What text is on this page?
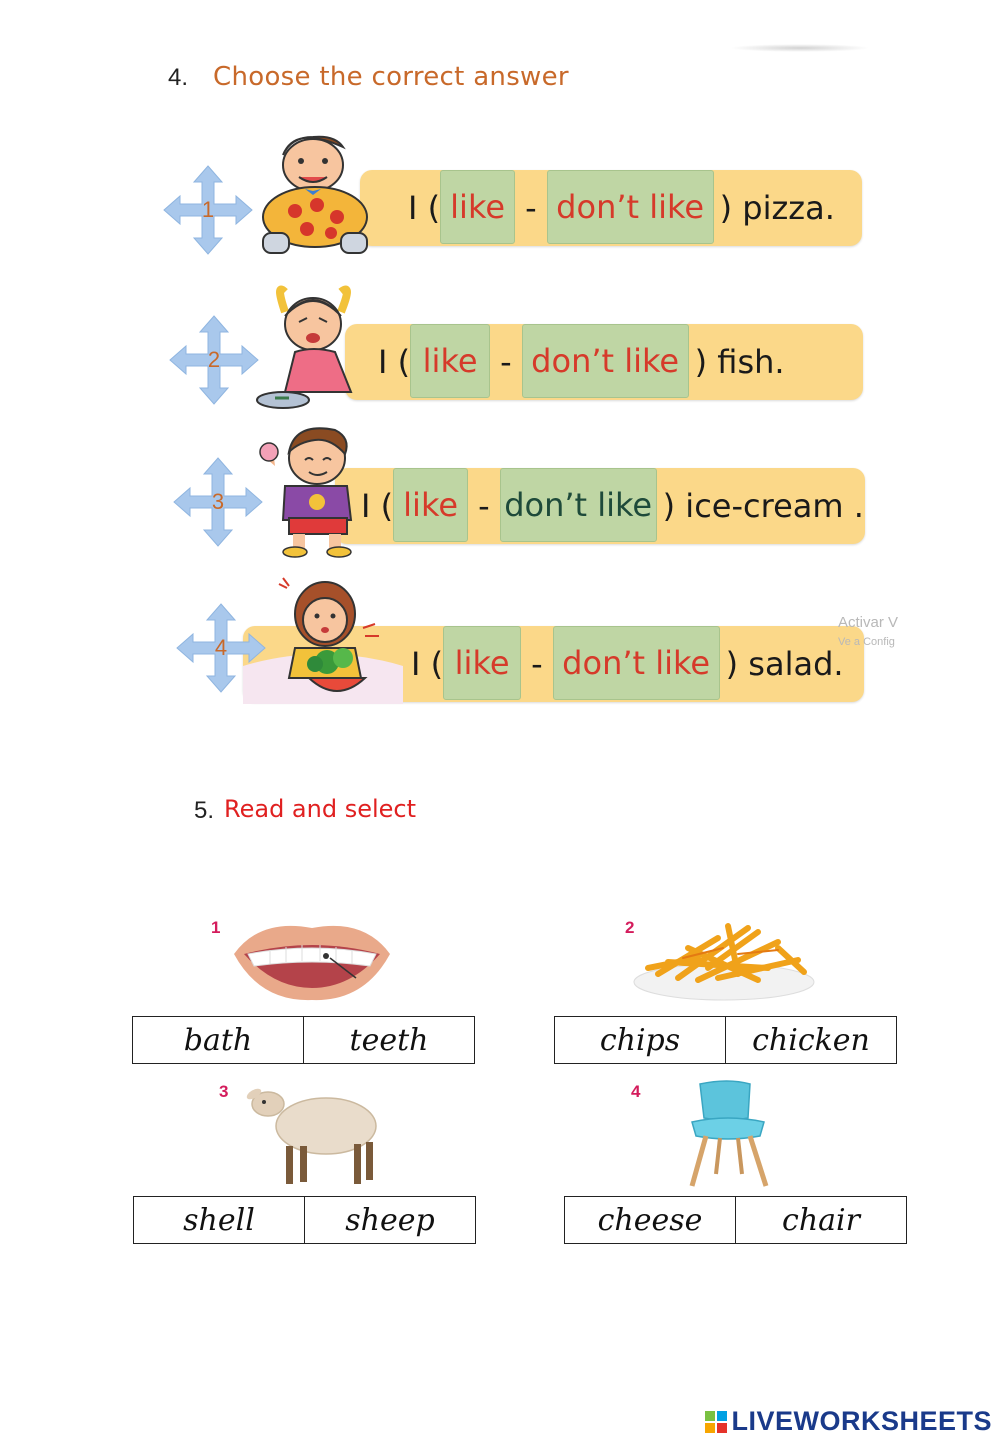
4. Choose the correct answer
1	I ( like - don’t like ) pizza.
2	I ( like - don’t like ) fish.
3	I ( like - don’t like ) ice-cream .
4	I ( like - don’t like ) salad.
Activar V
Ve a Config
5. Read and select
1
bath	teeth
2
chips	chicken
3
shell	sheep
4
cheese	chair
LIVEWORKSHEETS
